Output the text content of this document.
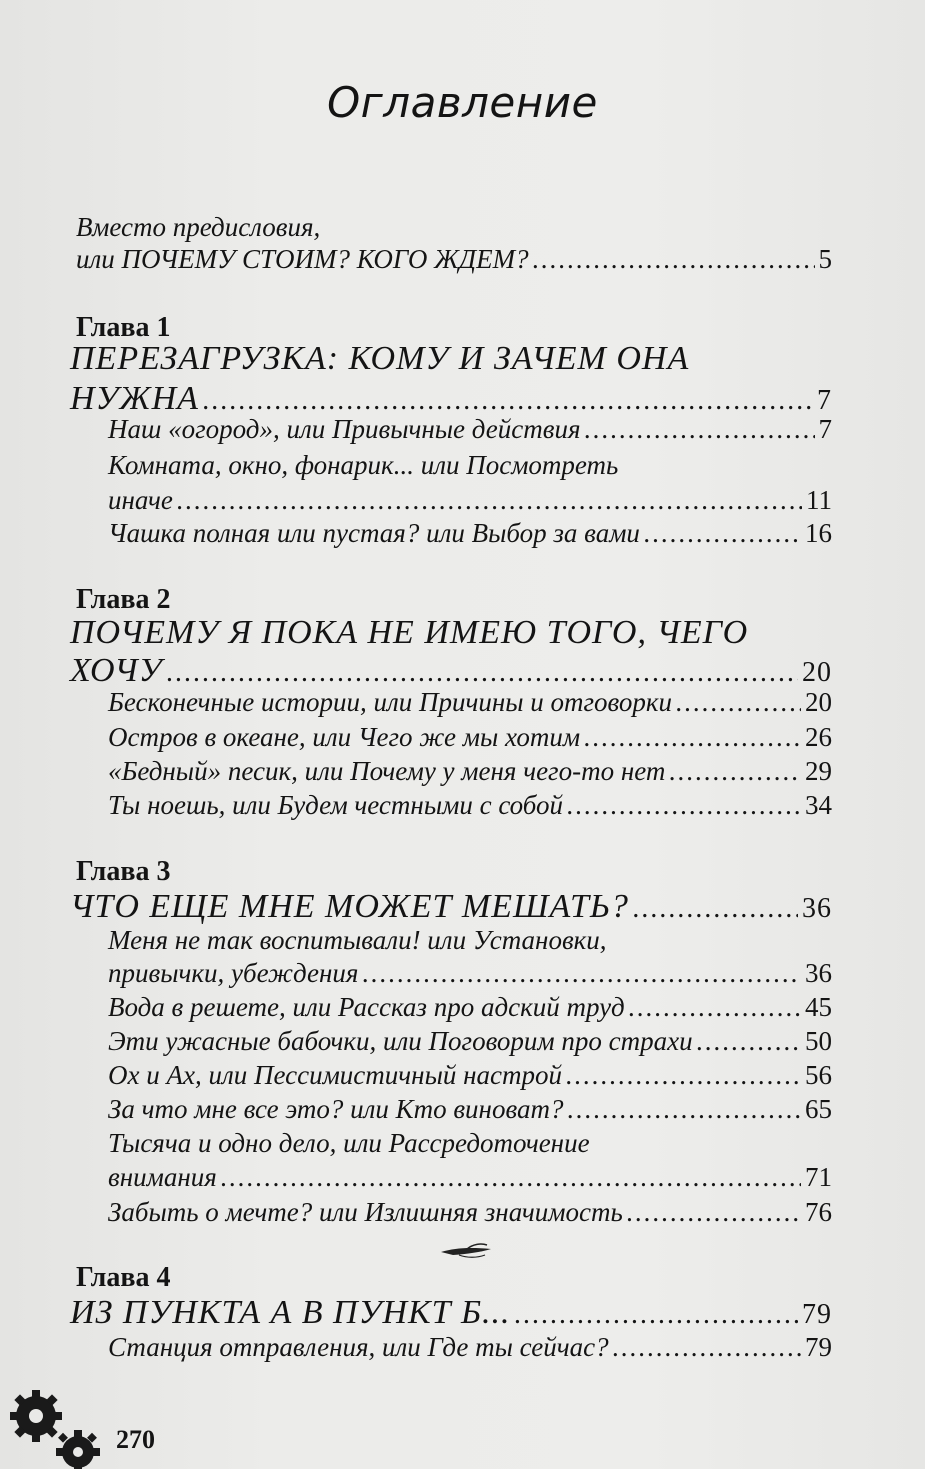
Оглавление
Вместо предисловия,
или ПОЧЕМУ СТОИМ? КОГО ЖДЕМ? .....	5
Глава 1
ПЕРЕЗАГРУЗКА: КОМУ И ЗАЧЕМ ОНА
НУЖНА .....	7
Наш «огород», или Привычные действия .....	7
Комната, окно, фонарик... или Посмотреть
иначе .....	11
Чашка полная или пустая? или Выбор за вами .....	16
Глава 2
ПОЧЕМУ Я ПОКА НЕ ИМЕЮ ТОГО, ЧЕГО
ХОЧУ .....	20
Бесконечные истории, или Причины и отговорки .....	20
Остров в океане, или Чего же мы хотим .....	26
«Бедный» песик, или Почему у меня чего-то нет .....	29
Ты ноешь, или Будем честными с собой .....	34
Глава 3
ЧТО ЕЩЕ МНЕ МОЖЕТ МЕШАТЬ? .....	36
Меня не так воспитывали! или Установки,
привычки, убеждения .....	36
Вода в решете, или Рассказ про адский труд .....	45
Эти ужасные бабочки, или Поговорим про страхи .....	50
Ох и Ах, или Пессимистичный настрой .....	56
За что мне все это? или Кто виноват? .....	65
Тысяча и одно дело, или Рассредоточение
внимания .....	71
Забыть о мечте? или Излишняя значимость .....	76
Глава 4
ИЗ ПУНКТА А В ПУНКТ Б... .....	79
Станция отправления, или Где ты сейчас? .....	79
270
